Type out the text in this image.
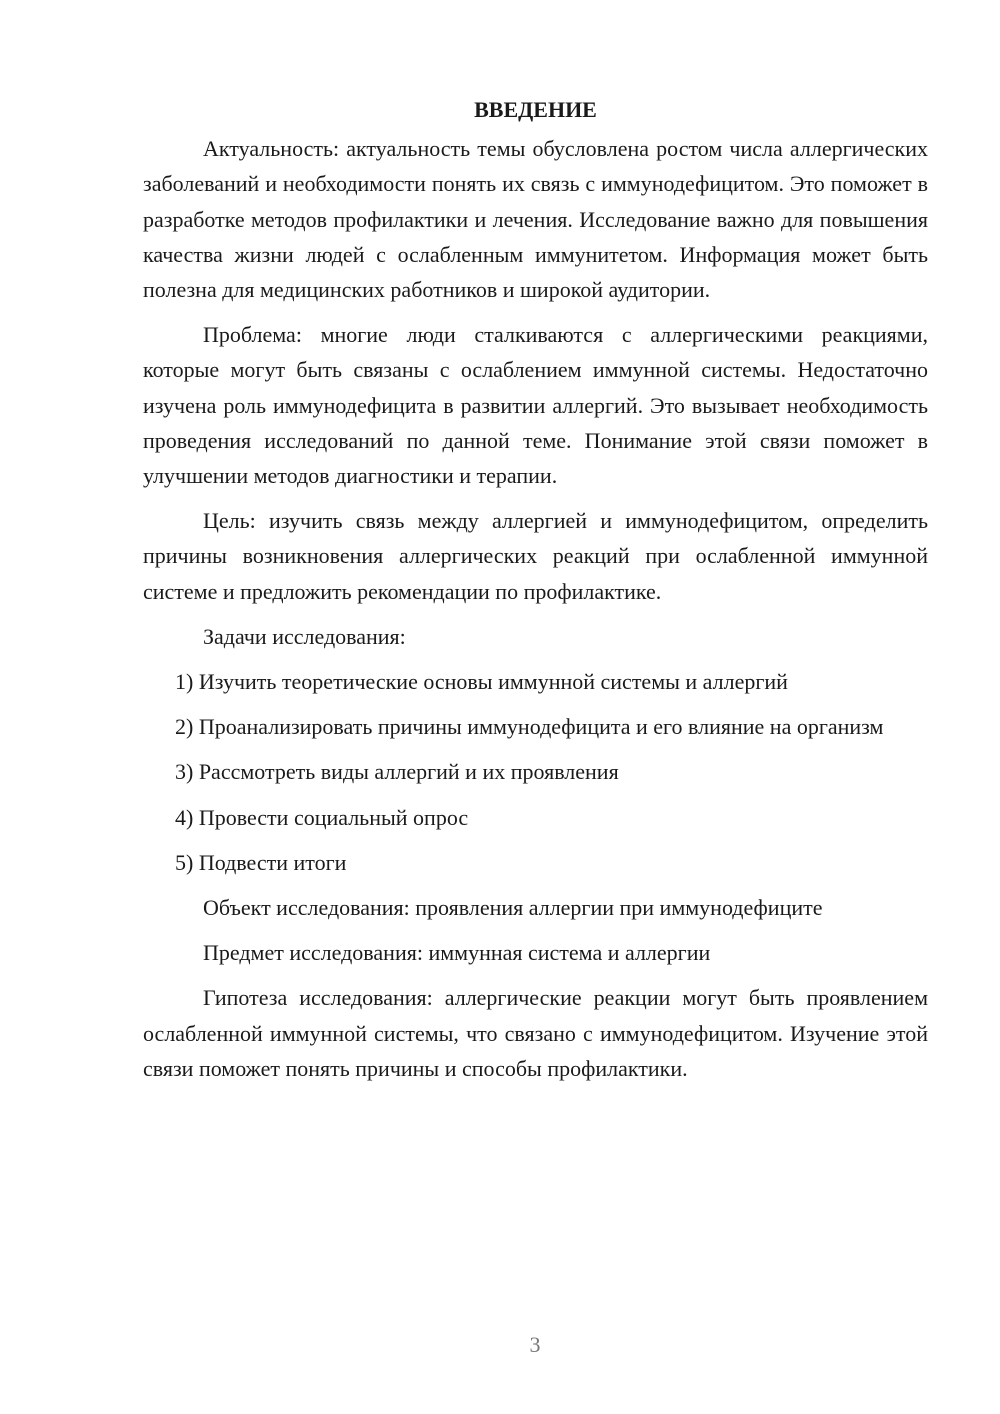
ВВЕДЕНИЕ

Актуальность: актуальность темы обусловлена ростом числа аллергических заболеваний и необходимости понять их связь с иммунодефицитом. Это поможет в разработке методов профилактики и лечения. Исследование важно для повышения качества жизни людей с ослабленным иммунитетом. Информация может быть полезна для медицинских работников и широкой аудитории.

Проблема: многие люди сталкиваются с аллергическими реакциями, которые могут быть связаны с ослаблением иммунной системы. Недостаточно изучена роль иммунодефицита в развитии аллергий. Это вызывает необходимость проведения исследований по данной теме. Понимание этой связи поможет в улучшении методов диагностики и терапии.

Цель: изучить связь между аллергией и иммунодефицитом, определить причины возникновения аллергических реакций при ослабленной иммунной системе и предложить рекомендации по профилактике.

Задачи исследования:

1) Изучить теоретические основы иммунной системы и аллергий

2) Проанализировать причины иммунодефицита и его влияние на организм

3) Рассмотреть виды аллергий и их проявления

4) Провести социальный опрос

5) Подвести итоги

Объект исследования: проявления аллергии при иммунодефиците

Предмет исследования: иммунная система и аллергии

Гипотеза исследования: аллергические реакции могут быть проявлением ослабленной иммунной системы, что связано с иммунодефицитом. Изучение этой связи поможет понять причины и способы профилактики.

3
